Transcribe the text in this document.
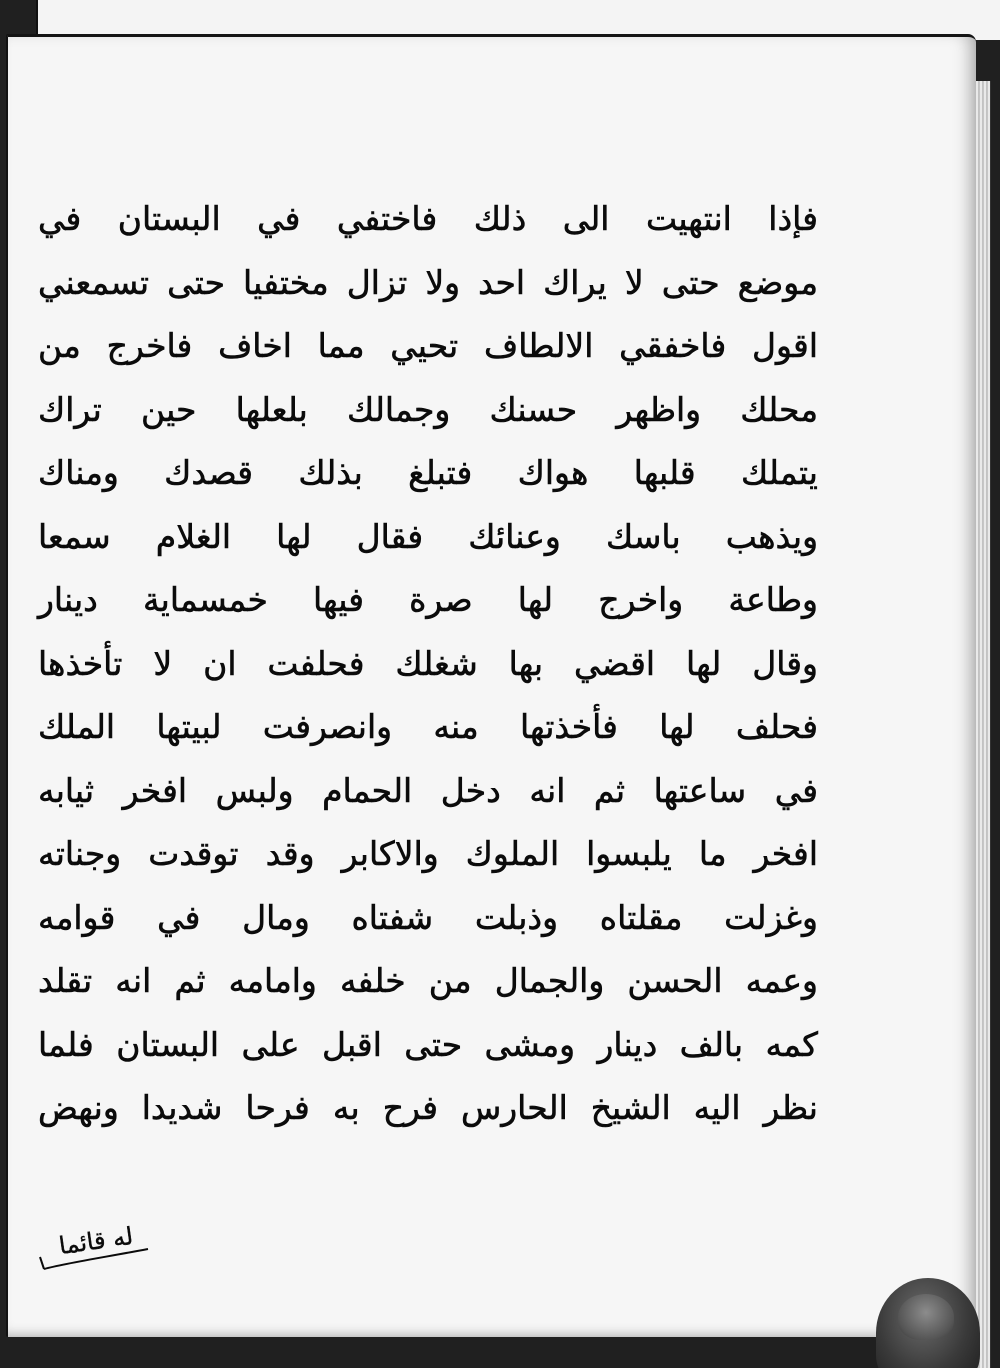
فإذا انتهيت الى ذلك فاختفي في البستان في
موضع حتى لا يراك احد ولا تزال مختفيا حتى تسمعني
اقول فاخفقي الالطاف تحيي مما اخاف فاخرج من
محلك واظهر حسنك وجمالك بلعلها حين تراك
يتملك قلبها هواك فتبلغ بذلك قصدك ومناك
ويذهب باسك وعنائك فقال لها الغلام سمعا
وطاعة واخرج لها صرة فيها خمسماية دينار
وقال لها اقضي بها شغلك فحلفت ان لا تأخذها
فحلف لها فأخذتها منه وانصرفت لبيتها الملك
في ساعتها ثم انه دخل الحمام ولبس افخر ثيابه
افخر ما يلبسوا الملوك والاكابر وقد توقدت وجناته
وغزلت مقلتاه وذبلت شفتاه ومال في قوامه
وعمه الحسن والجمال من خلفه وامامه ثم انه تقلد
كمه بالف دينار ومشى حتى اقبل على البستان فلما
نظر اليه الشيخ الحارس فرح به فرحا شديدا ونهض
له قائما
